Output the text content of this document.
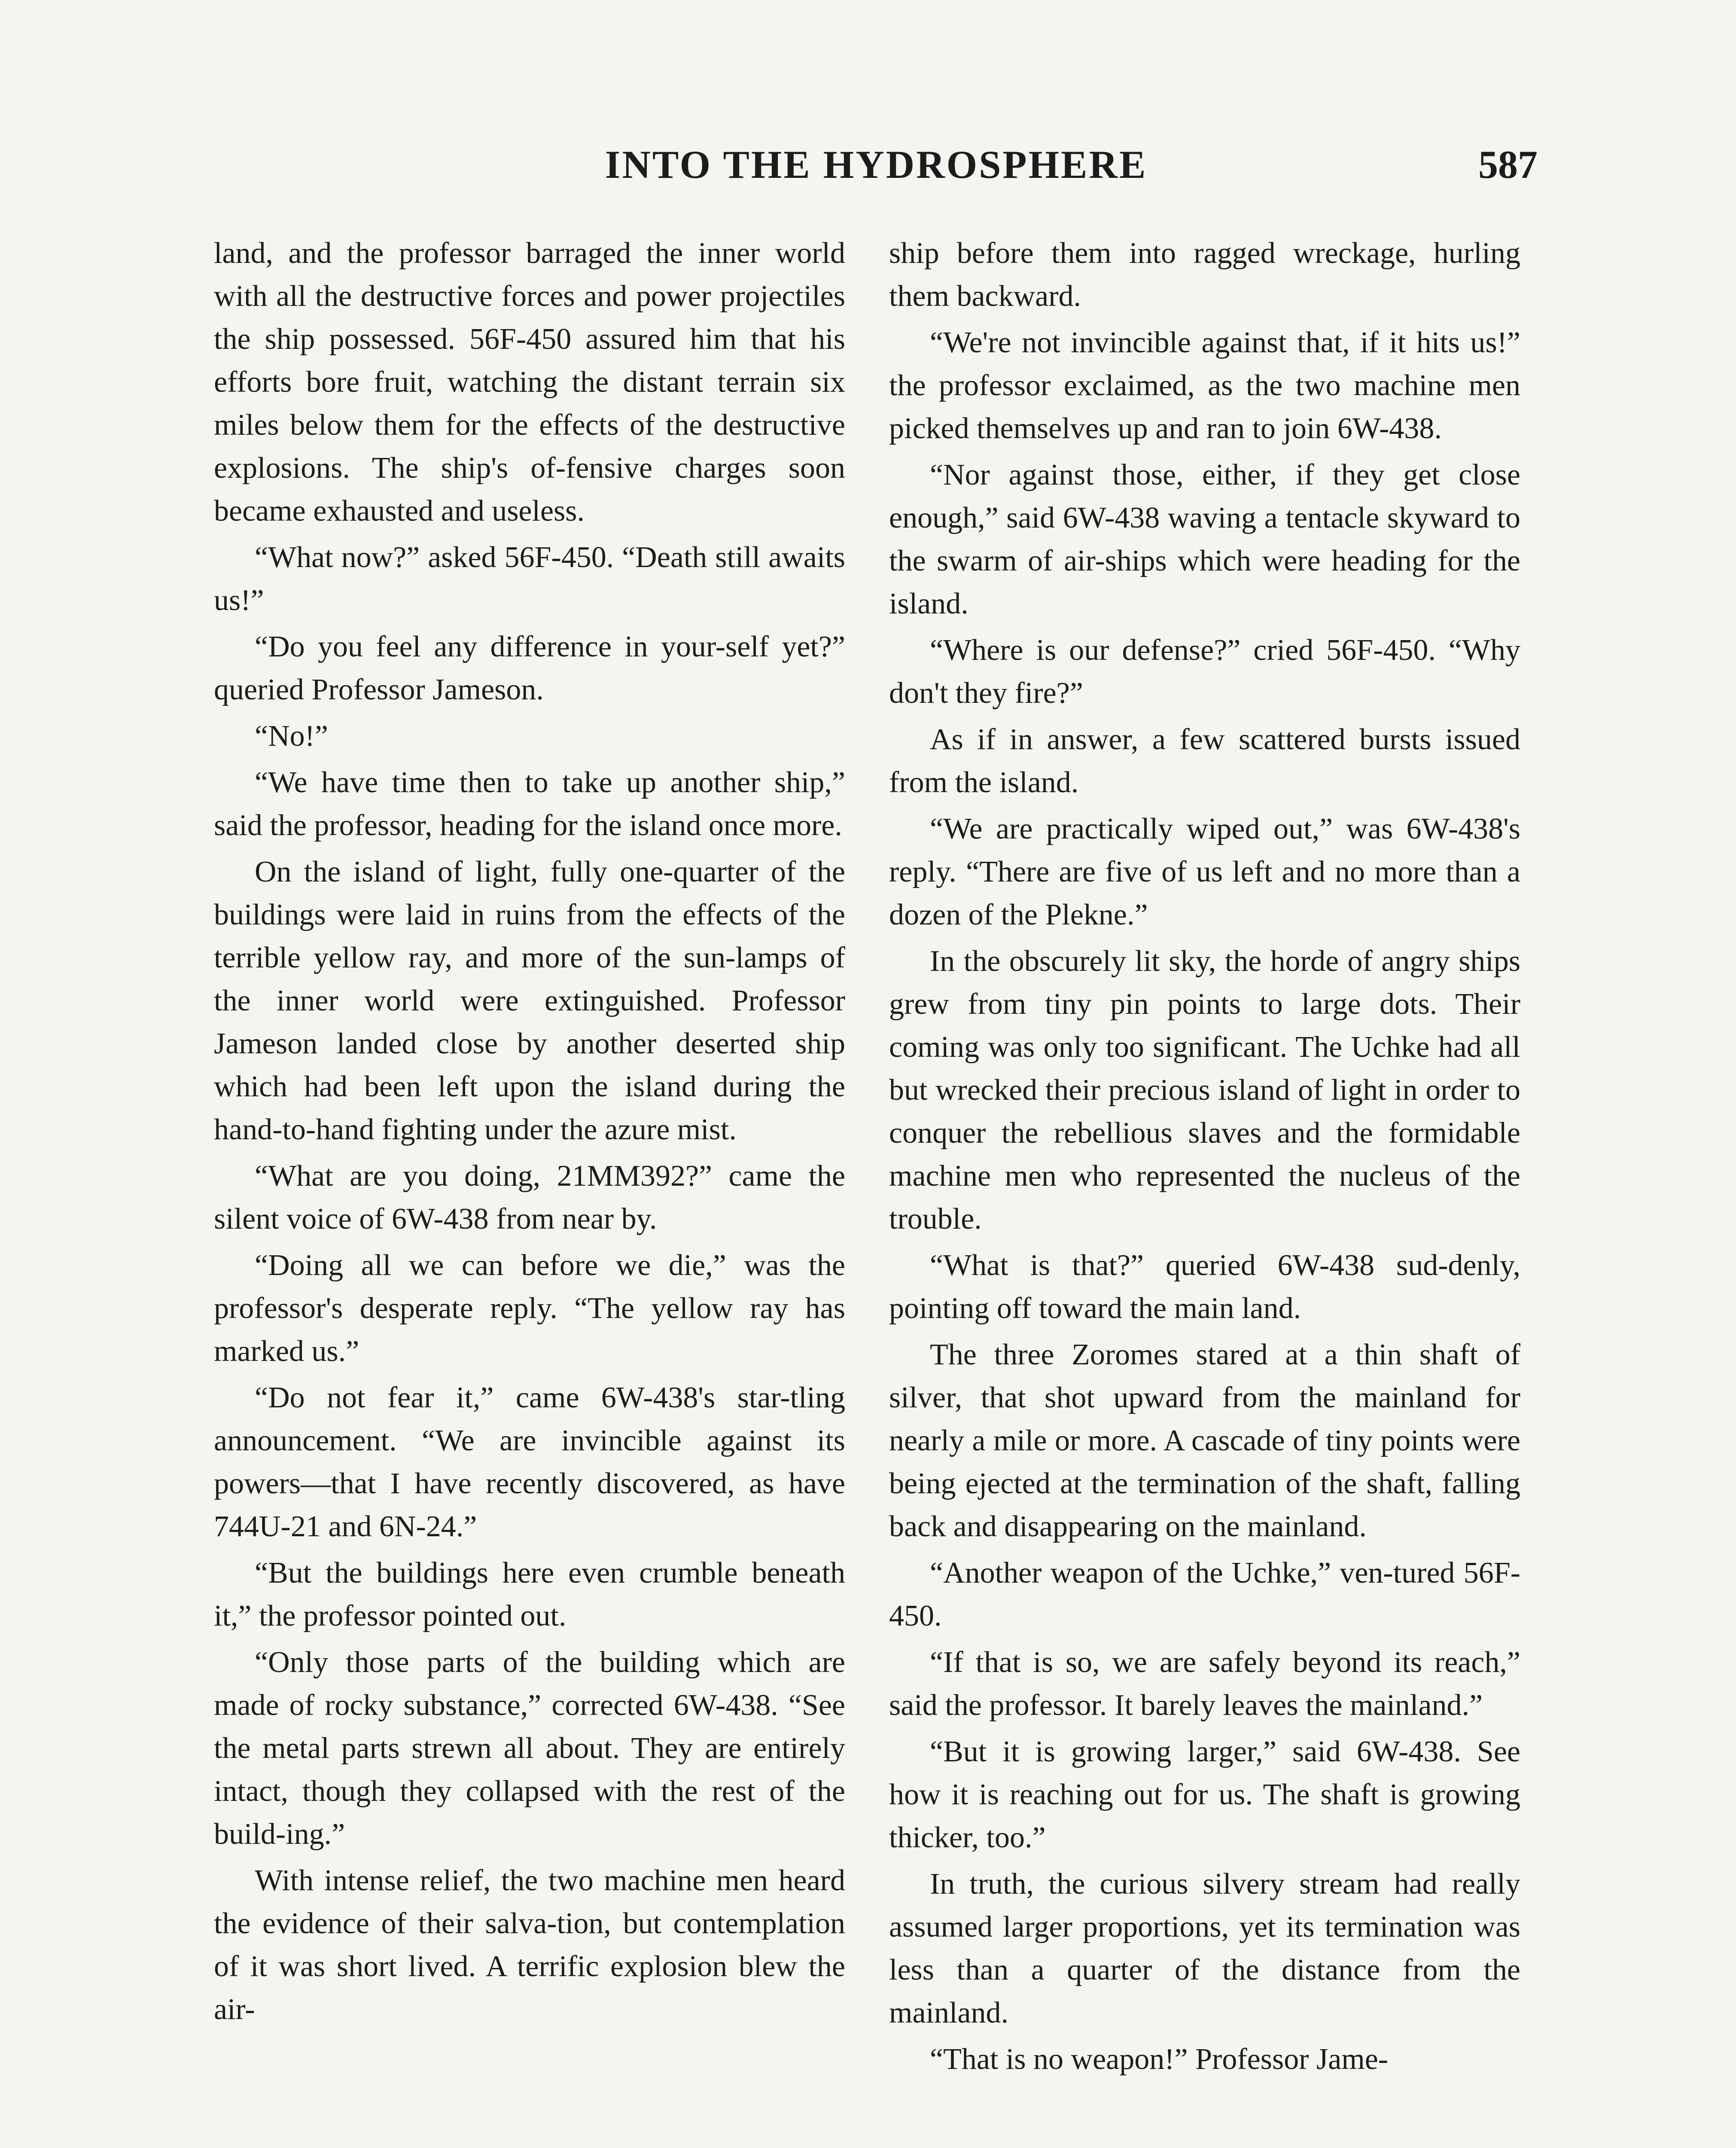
INTO THE HYDROSPHERE	587

land, and the professor barraged the inner world with all the destructive forces and power projectiles the ship possessed. 56F-450 assured him that his efforts bore fruit, watching the distant terrain six miles below them for the effects of the destructive explosions. The ship's of-fensive charges soon became exhausted and useless.

“What now?” asked 56F-450. “Death still awaits us!”

“Do you feel any difference in your-self yet?” queried Professor Jameson.

“No!”

“We have time then to take up another ship,” said the professor, heading for the island once more.

On the island of light, fully one-quarter of the buildings were laid in ruins from the effects of the terrible yellow ray, and more of the sun-lamps of the inner world were extinguished. Professor Jameson landed close by another deserted ship which had been left upon the island during the hand-to-hand fighting under the azure mist.

“What are you doing, 21MM392?” came the silent voice of 6W-438 from near by.

“Doing all we can before we die,” was the professor's desperate reply. “The yellow ray has marked us.”

“Do not fear it,” came 6W-438's star-tling announcement. “We are invincible against its powers—that I have recently discovered, as have 744U-21 and 6N-24.”

“But the buildings here even crumble beneath it,” the professor pointed out.

“Only those parts of the building which are made of rocky substance,” corrected 6W-438. “See the metal parts strewn all about. They are entirely intact, though they collapsed with the rest of the build-ing.”

With intense relief, the two machine men heard the evidence of their salva-tion, but contemplation of it was short lived. A terrific explosion blew the air-

ship before them into ragged wreckage, hurling them backward.

“We're not invincible against that, if it hits us!” the professor exclaimed, as the two machine men picked themselves up and ran to join 6W-438.

“Nor against those, either, if they get close enough,” said 6W-438 waving a tentacle skyward to the swarm of air-ships which were heading for the island.

“Where is our defense?” cried 56F-450. “Why don't they fire?”

As if in answer, a few scattered bursts issued from the island.

“We are practically wiped out,” was 6W-438's reply. “There are five of us left and no more than a dozen of the Plekne.”

In the obscurely lit sky, the horde of angry ships grew from tiny pin points to large dots. Their coming was only too significant. The Uchke had all but wrecked their precious island of light in order to conquer the rebellious slaves and the formidable machine men who represented the nucleus of the trouble.

“What is that?” queried 6W-438 sud-denly, pointing off toward the main land.

The three Zoromes stared at a thin shaft of silver, that shot upward from the mainland for nearly a mile or more. A cascade of tiny points were being ejected at the termination of the shaft, falling back and disappearing on the mainland.

“Another weapon of the Uchke,” ven-tured 56F-450.

“If that is so, we are safely beyond its reach,” said the professor. It barely leaves the mainland.”

“But it is growing larger,” said 6W-438. See how it is reaching out for us. The shaft is growing thicker, too.”

In truth, the curious silvery stream had really assumed larger proportions, yet its termination was less than a quarter of the distance from the mainland.

“That is no weapon!” Professor Jame-
